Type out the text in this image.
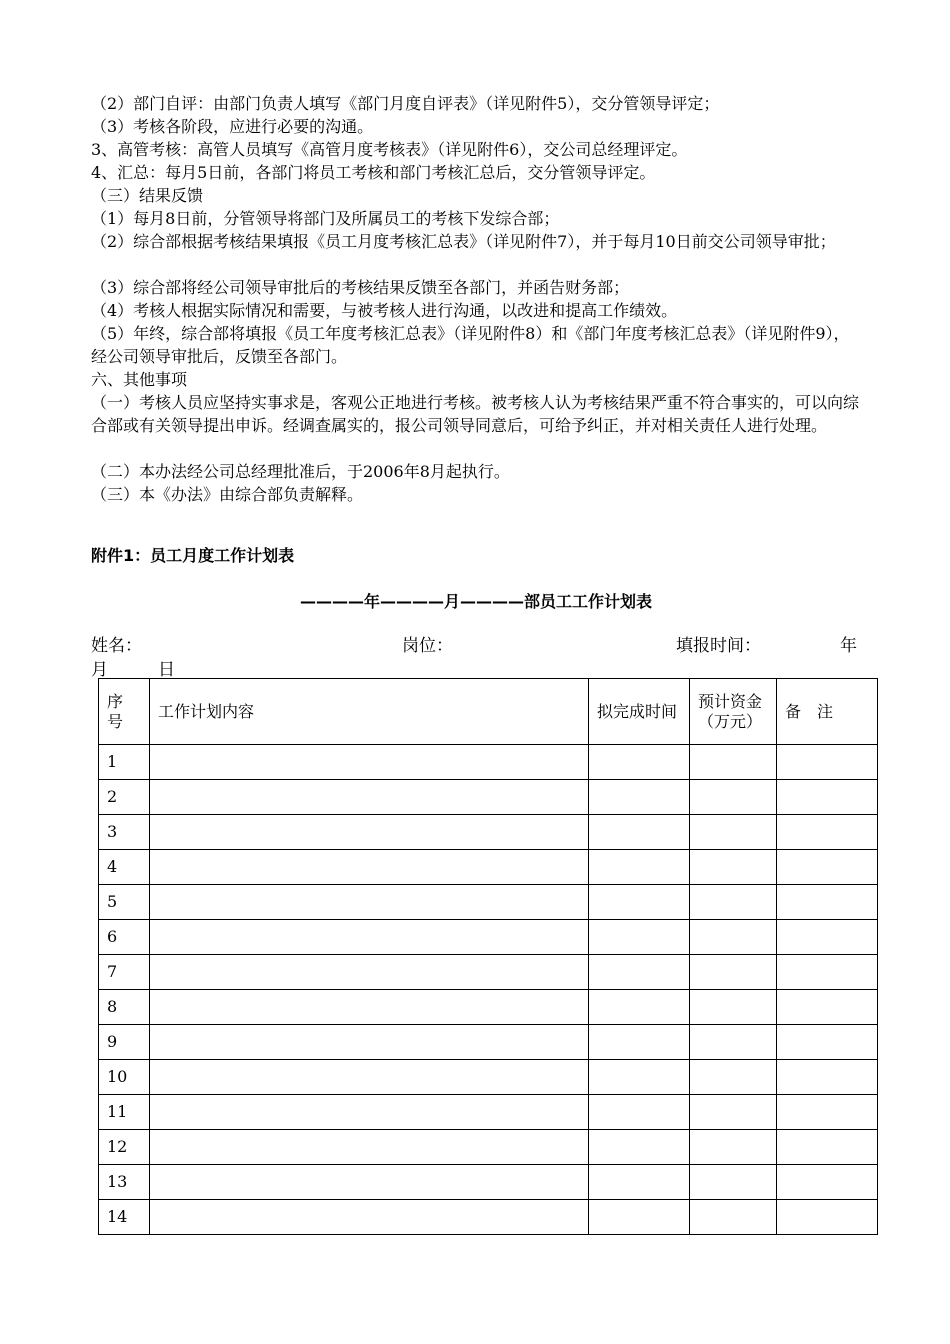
（2）部门自评：由部门负责人填写《部门月度自评表》（详见附件5），交分管领导评定；
（3）考核各阶段，应进行必要的沟通。
3、高管考核：高管人员填写《高管月度考核表》（详见附件6），交公司总经理评定。
4、汇总：每月5日前，各部门将员工考核和部门考核汇总后，交分管领导评定。
（三）结果反馈
（1）每月8日前，分管领导将部门及所属员工的考核下发综合部；
（2）综合部根据考核结果填报《员工月度考核汇总表》（详见附件7），并于每月10日前交公司领导审批；
（3）综合部将经公司领导审批后的考核结果反馈至各部门，并函告财务部；
（4）考核人根据实际情况和需要，与被考核人进行沟通，以改进和提高工作绩效。
（5）年终，综合部将填报《员工年度考核汇总表》（详见附件8）和《部门年度考核汇总表》（详见附件9），经公司领导审批后，反馈至各部门。
六、其他事项
（一）考核人员应坚持实事求是，客观公正地进行考核。被考核人认为考核结果严重不符合事实的，可以向综合部或有关领导提出申诉。经调查属实的，报公司领导同意后，可给予纠正，并对相关责任人进行处理。
（二）本办法经公司总经理批准后，于2006年8月起执行。
（三）本《办法》由综合部负责解释。
附件1：员工月度工作计划表
————年————月————部员工工作计划表
姓名：	岗位：	填报时间：	年
月	日
序号	工作计划内容	拟完成时间	预计资金（万元）	备　注
1				
2				
3				
4				
5				
6				
7				
8				
9				
10				
11				
12				
13				
14				
